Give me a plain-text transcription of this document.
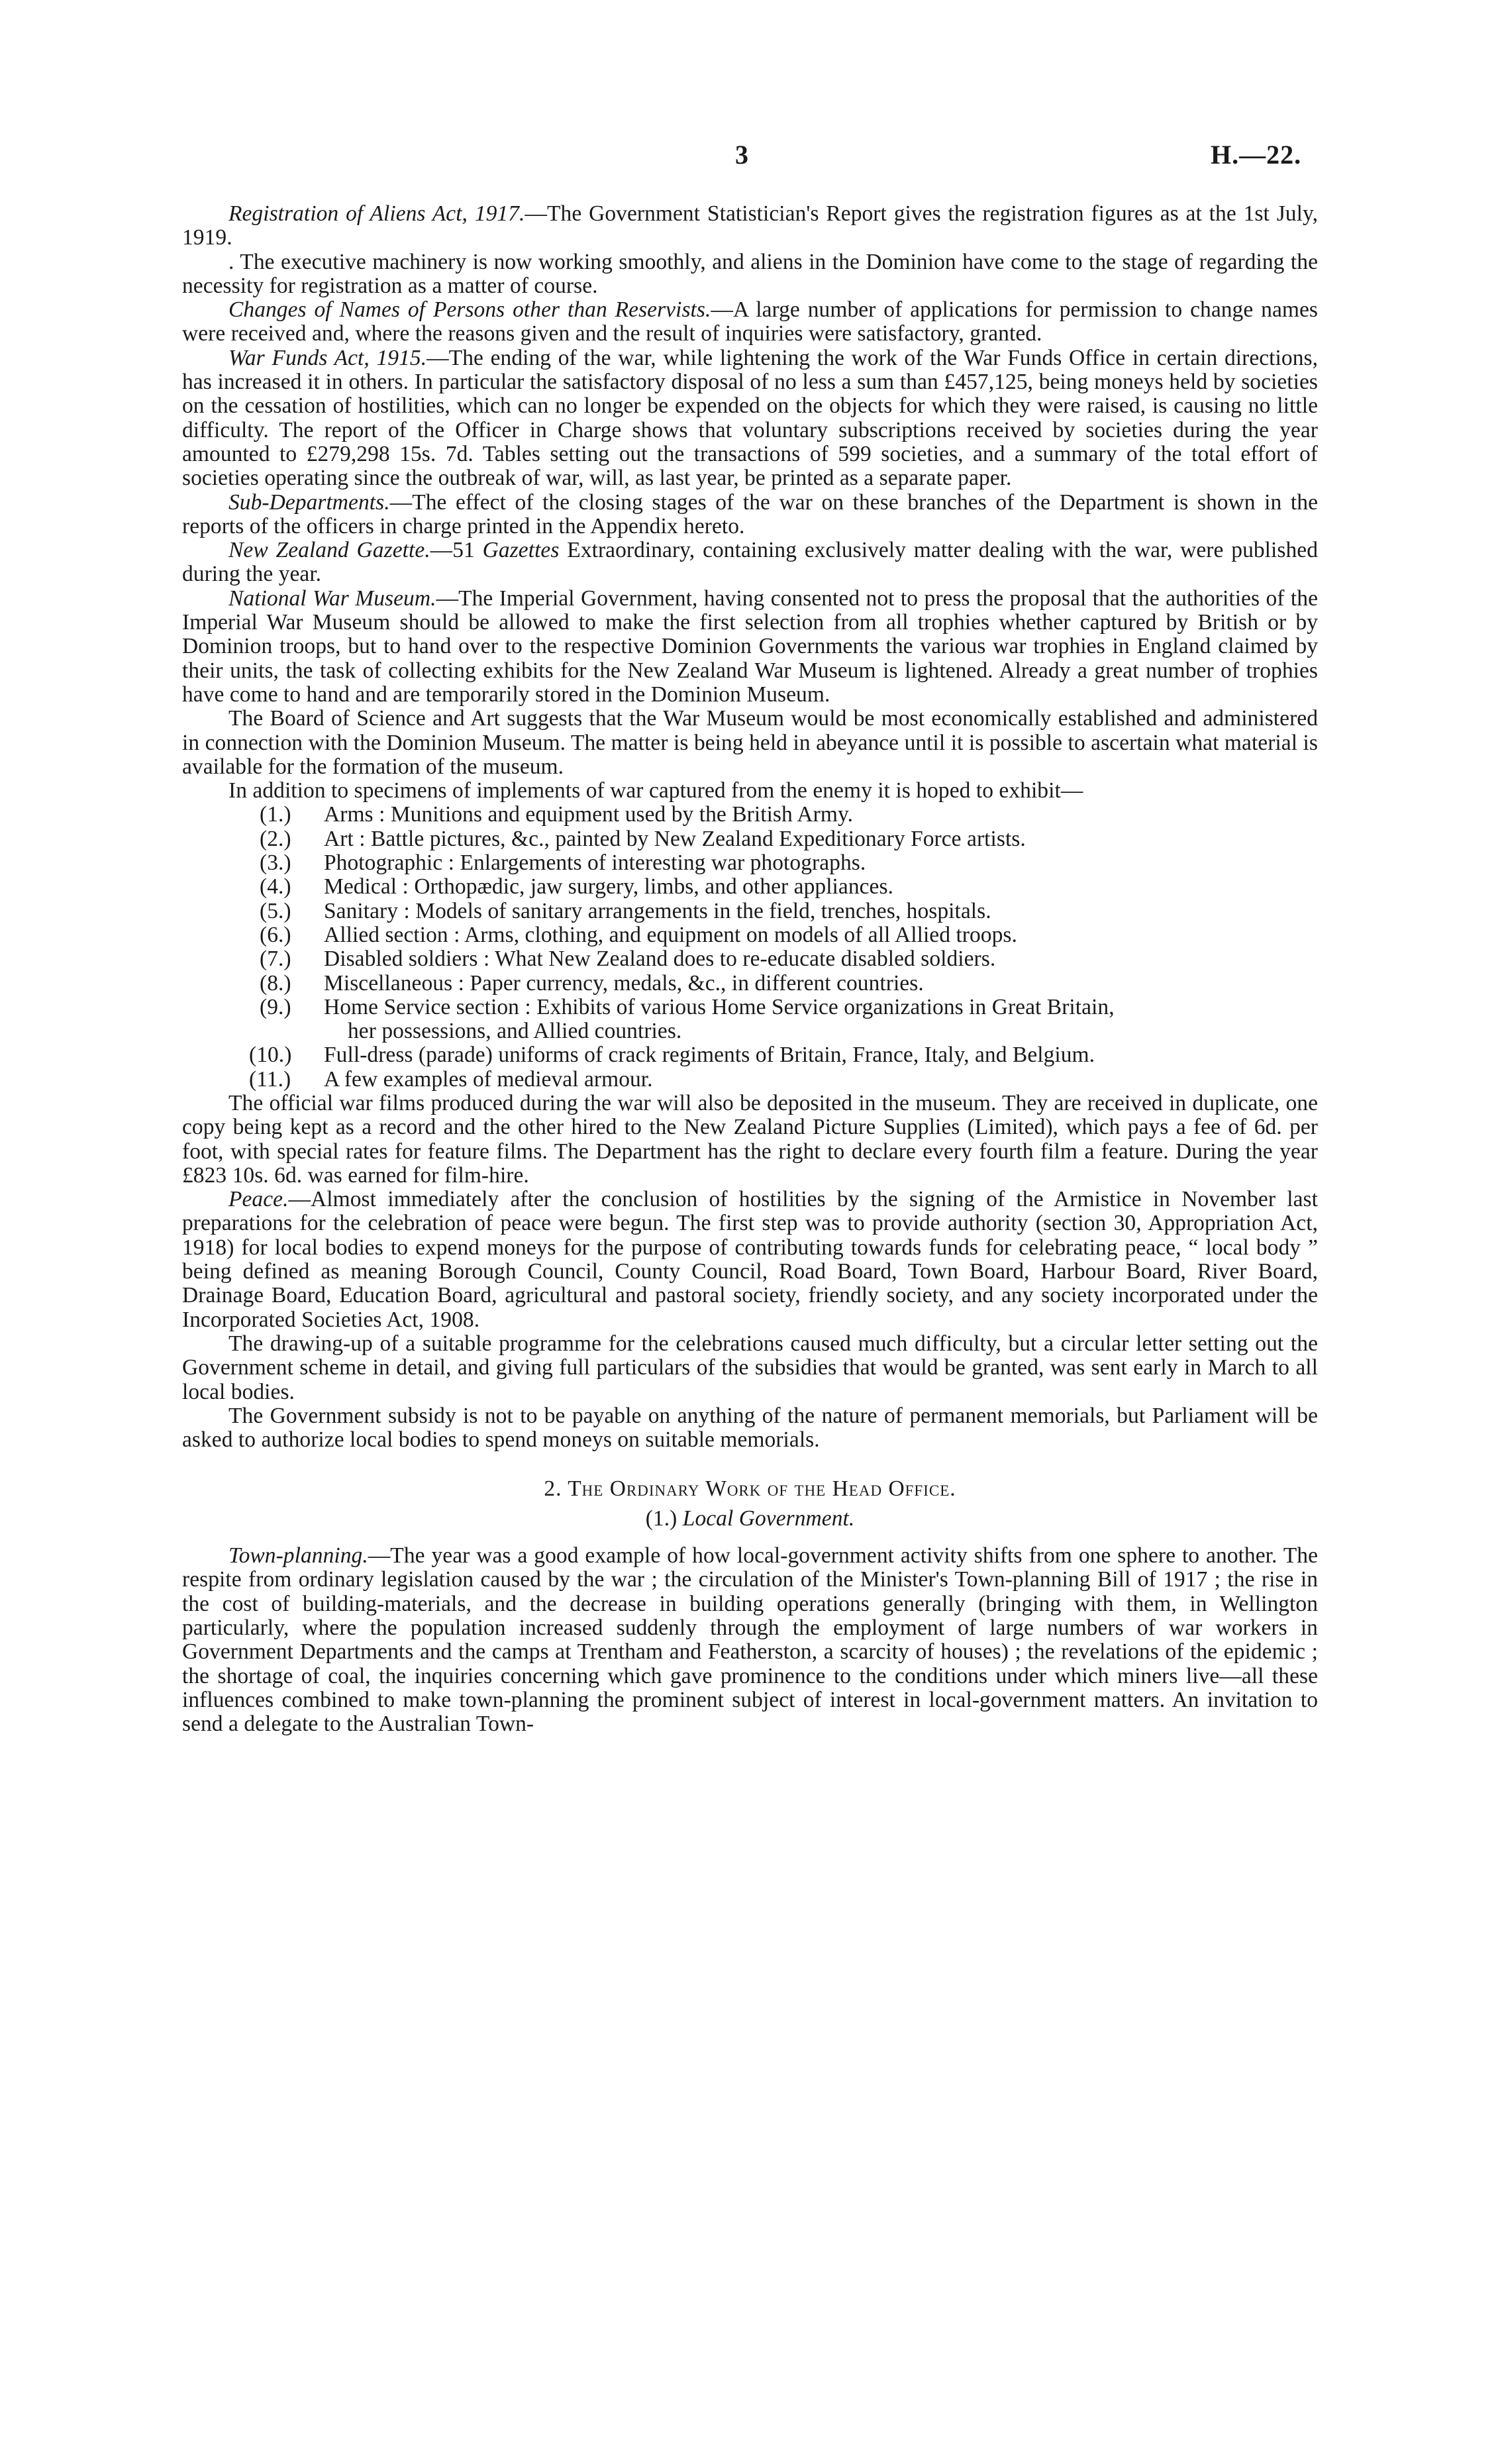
3	H.—22.

Registration of Aliens Act, 1917.—The Government Statistician's Report gives the registration figures as at the 1st July, 1919.

. The executive machinery is now working smoothly, and aliens in the Dominion have come to the stage of regarding the necessity for registration as a matter of course.

Changes of Names of Persons other than Reservists.—A large number of applications for permission to change names were received and, where the reasons given and the result of inquiries were satisfactory, granted.

War Funds Act, 1915.—The ending of the war, while lightening the work of the War Funds Office in certain directions, has increased it in others. In particular the satisfactory disposal of no less a sum than £457,125, being moneys held by societies on the cessation of hostilities, which can no longer be expended on the objects for which they were raised, is causing no little difficulty. The report of the Officer in Charge shows that voluntary subscriptions received by societies during the year amounted to £279,298 15s. 7d. Tables setting out the transactions of 599 societies, and a summary of the total effort of societies operating since the outbreak of war, will, as last year, be printed as a separate paper.

Sub-Departments.—The effect of the closing stages of the war on these branches of the Department is shown in the reports of the officers in charge printed in the Appendix hereto.

New Zealand Gazette.—51 Gazettes Extraordinary, containing exclusively matter dealing with the war, were published during the year.

National War Museum.—The Imperial Government, having consented not to press the proposal that the authorities of the Imperial War Museum should be allowed to make the first selection from all trophies whether captured by British or by Dominion troops, but to hand over to the respective Dominion Governments the various war trophies in England claimed by their units, the task of collecting exhibits for the New Zealand War Museum is lightened. Already a great number of trophies have come to hand and are temporarily stored in the Dominion Museum.

The Board of Science and Art suggests that the War Museum would be most economically established and administered in connection with the Dominion Museum. The matter is being held in abeyance until it is possible to ascertain what material is available for the formation of the museum.

In addition to specimens of implements of war captured from the enemy it is hoped to exhibit—

(1.) Arms : Munitions and equipment used by the British Army.
(2.) Art : Battle pictures, &c., painted by New Zealand Expeditionary Force artists.
(3.) Photographic : Enlargements of interesting war photographs.
(4.) Medical : Orthopædic, jaw surgery, limbs, and other appliances.
(5.) Sanitary : Models of sanitary arrangements in the field, trenches, hospitals.
(6.) Allied section : Arms, clothing, and equipment on models of all Allied troops.
(7.) Disabled soldiers : What New Zealand does to re-educate disabled soldiers.
(8.) Miscellaneous : Paper currency, medals, &c., in different countries.
(9.) Home Service section : Exhibits of various Home Service organizations in Great Britain,
her possessions, and Allied countries.
(10.) Full-dress (parade) uniforms of crack regiments of Britain, France, Italy, and Belgium.
(11.) A few examples of medieval armour.

The official war films produced during the war will also be deposited in the museum. They are received in duplicate, one copy being kept as a record and the other hired to the New Zealand Picture Supplies (Limited), which pays a fee of 6d. per foot, with special rates for feature films. The Department has the right to declare every fourth film a feature. During the year £823 10s. 6d. was earned for film-hire.

Peace.—Almost immediately after the conclusion of hostilities by the signing of the Armistice in November last preparations for the celebration of peace were begun. The first step was to provide authority (section 30, Appropriation Act, 1918) for local bodies to expend moneys for the purpose of contributing towards funds for celebrating peace, “ local body ” being defined as meaning Borough Council, County Council, Road Board, Town Board, Harbour Board, River Board, Drainage Board, Education Board, agricultural and pastoral society, friendly society, and any society incorporated under the Incorporated Societies Act, 1908.

The drawing-up of a suitable programme for the celebrations caused much difficulty, but a circular letter setting out the Government scheme in detail, and giving full particulars of the subsidies that would be granted, was sent early in March to all local bodies.

The Government subsidy is not to be payable on anything of the nature of permanent memorials, but Parliament will be asked to authorize local bodies to spend moneys on suitable memorials.

2. The Ordinary Work of the Head Office.
(1.) Local Government.

Town-planning.—The year was a good example of how local-government activity shifts from one sphere to another. The respite from ordinary legislation caused by the war ; the circulation of the Minister's Town-planning Bill of 1917 ; the rise in the cost of building-materials, and the decrease in building operations generally (bringing with them, in Wellington particularly, where the population increased suddenly through the employment of large numbers of war workers in Government Departments and the camps at Trentham and Featherston, a scarcity of houses) ; the revelations of the epidemic ; the shortage of coal, the inquiries concerning which gave prominence to the conditions under which miners live—all these influences combined to make town-planning the prominent subject of interest in local-government matters. An invitation to send a delegate to the Australian Town-
